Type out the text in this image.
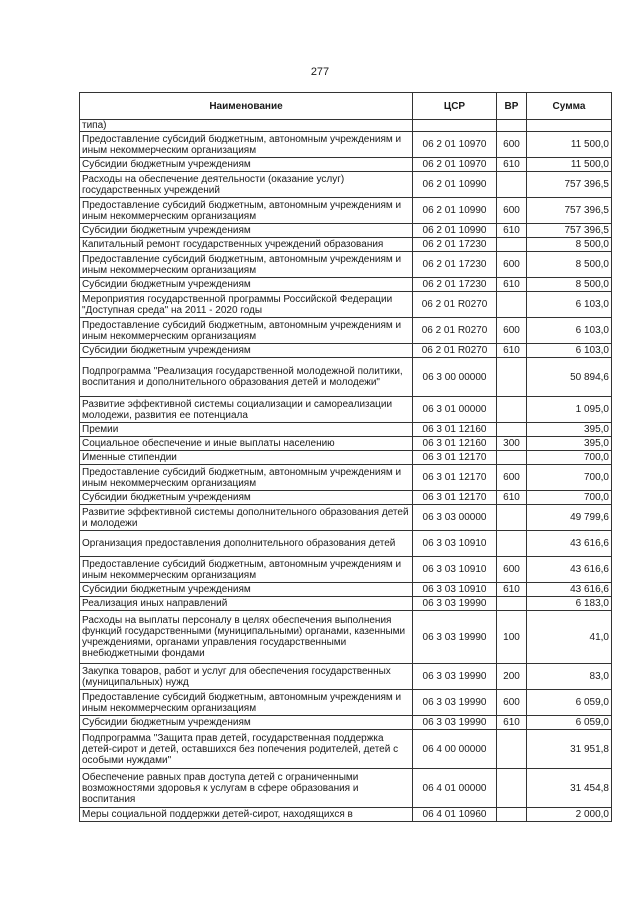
277
Наименование	ЦСР	ВР	Сумма
типа)			
Предоставление субсидий бюджетным, автономным учреждениям и иным некоммерческим организациям	06 2 01 10970	600	11 500,0
Субсидии бюджетным учреждениям	06 2 01 10970	610	11 500,0
Расходы на обеспечение деятельности (оказание услуг) государственных учреждений	06 2 01 10990		757 396,5
Предоставление субсидий бюджетным, автономным учреждениям и иным некоммерческим организациям	06 2 01 10990	600	757 396,5
Субсидии бюджетным учреждениям	06 2 01 10990	610	757 396,5
Капитальный ремонт государственных учреждений образования	06 2 01 17230		8 500,0
Предоставление субсидий бюджетным, автономным учреждениям и иным некоммерческим организациям	06 2 01 17230	600	8 500,0
Субсидии бюджетным учреждениям	06 2 01 17230	610	8 500,0
Мероприятия государственной программы Российской Федерации "Доступная среда" на 2011 - 2020 годы	06 2 01 R0270		6 103,0
Предоставление субсидий бюджетным, автономным учреждениям и иным некоммерческим организациям	06 2 01 R0270	600	6 103,0
Субсидии бюджетным учреждениям	06 2 01 R0270	610	6 103,0
Подпрограмма "Реализация государственной молодежной политики, воспитания и дополнительного образования детей и молодежи"	06 3 00 00000		50 894,6
Развитие эффективной системы социализации и самореализации молодежи, развития ее потенциала	06 3 01 00000		1 095,0
Премии	06 3 01 12160		395,0
Социальное обеспечение и иные выплаты населению	06 3 01 12160	300	395,0
Именные стипендии	06 3 01 12170		700,0
Предоставление субсидий бюджетным, автономным учреждениям и иным некоммерческим организациям	06 3 01 12170	600	700,0
Субсидии бюджетным учреждениям	06 3 01 12170	610	700,0
Развитие эффективной системы дополнительного образования детей и молодежи	06 3 03 00000		49 799,6
Организация предоставления дополнительного образования детей	06 3 03 10910		43 616,6
Предоставление субсидий бюджетным, автономным учреждениям и иным некоммерческим организациям	06 3 03 10910	600	43 616,6
Субсидии бюджетным учреждениям	06 3 03 10910	610	43 616,6
Реализация иных направлений	06 3 03 19990		6 183,0
Расходы на выплаты персоналу в целях обеспечения выполнения функций государственными (муниципальными) органами, казенными учреждениями, органами управления государственными внебюджетными фондами	06 3 03 19990	100	41,0
Закупка товаров, работ и услуг для обеспечения государственных (муниципальных) нужд	06 3 03 19990	200	83,0
Предоставление субсидий бюджетным, автономным учреждениям и иным некоммерческим организациям	06 3 03 19990	600	6 059,0
Субсидии бюджетным учреждениям	06 3 03 19990	610	6 059,0
Подпрограмма "Защита прав детей, государственная поддержка детей-сирот и детей, оставшихся без попечения родителей, детей с особыми нуждами"	06 4 00 00000		31 951,8
Обеспечение равных прав доступа детей с ограниченными возможностями здоровья к услугам в сфере образования и воспитания	06 4 01 00000		31 454,8
Меры социальной поддержки детей-сирот, находящихся в	06 4 01 10960		2 000,0
